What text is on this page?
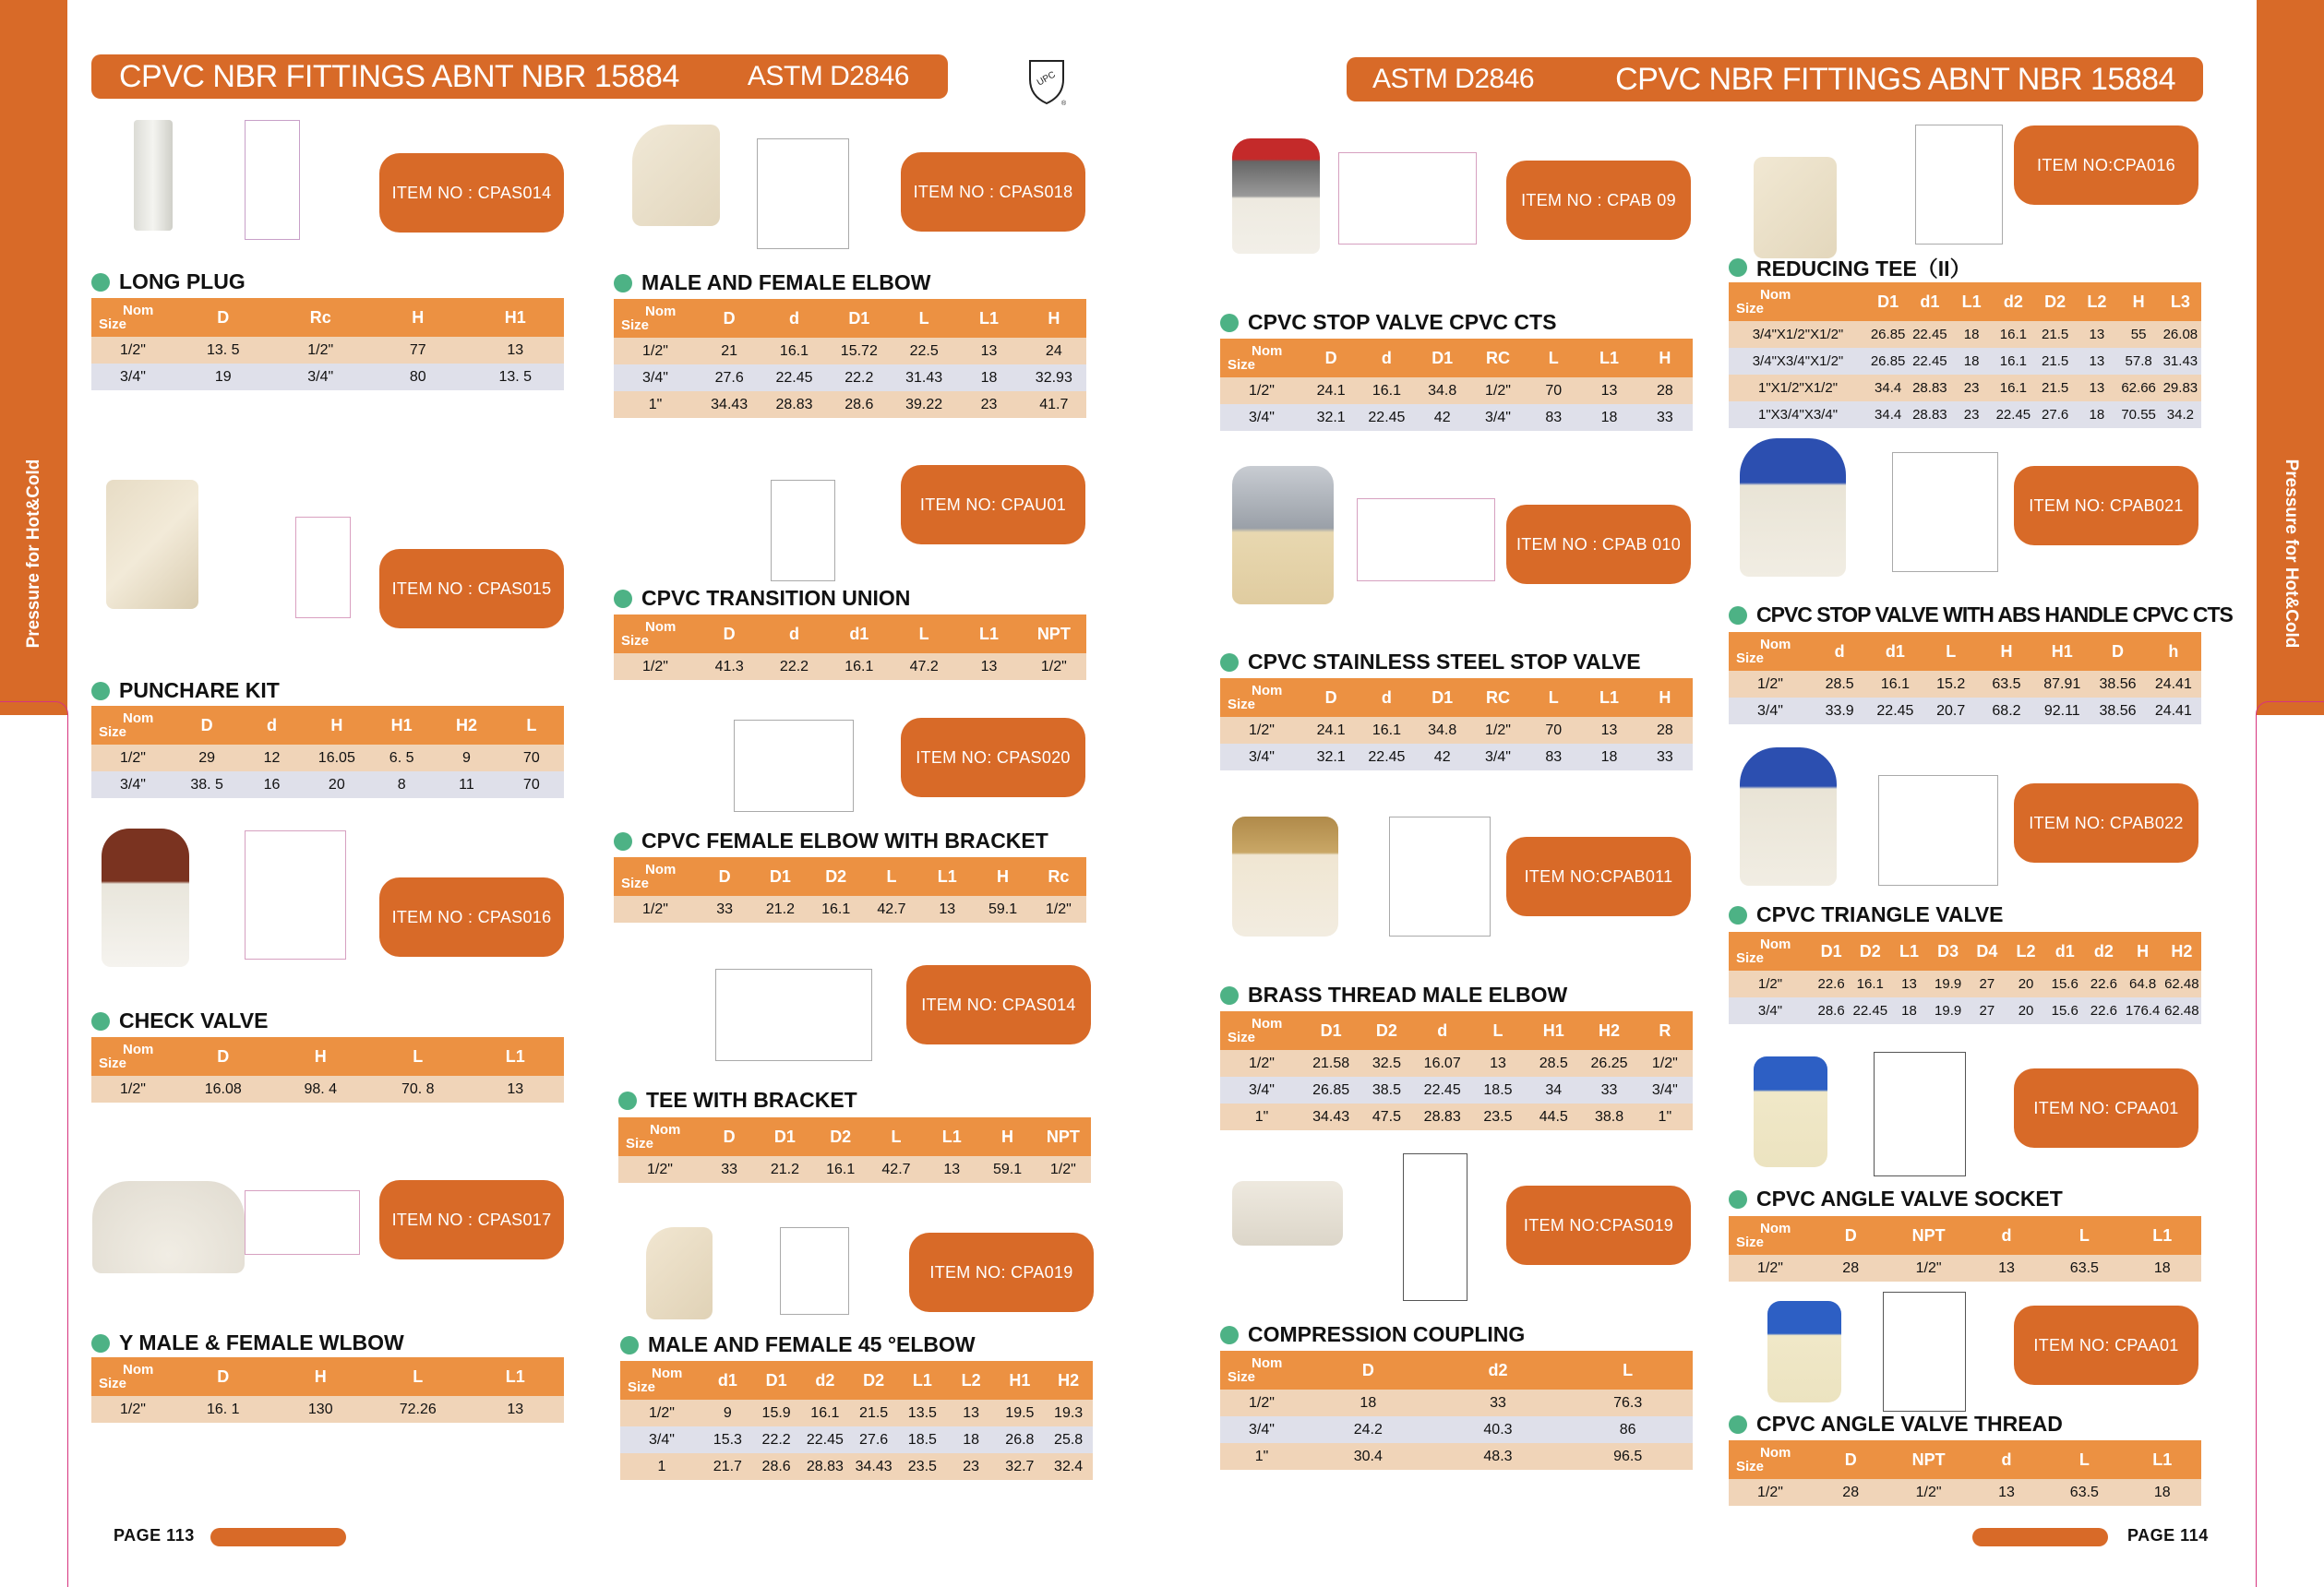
Pressure for Hot&Cold	Pressure for Hot&Cold
CPVC NBR FITTINGS ABNT NBR 15884 ASTM D2846	UPC
®
ASTM D2846	CPVC NBR FITTINGS ABNT NBR 15884
ITEM NO : CPAS014
ITEM NO : CPAS015
ITEM NO : CPAS016
ITEM NO : CPAS017
ITEM NO : CPAS018
ITEM NO: CPAU01
ITEM NO: CPAS020
ITEM NO: CPAS014
ITEM NO: CPA019
ITEM NO : CPAB 09
ITEM NO : CPAB 010
ITEM NO:CPAB011
ITEM NO:CPAS019
ITEM NO:CPA016
ITEM NO: CPAB021
ITEM NO: CPAB022
ITEM NO: CPAA01
ITEM NO: CPAA01
LONG PLUG
Nom
Size	D	Rc	H	H1
1/2"	13. 5	1/2"	77	13
3/4"	19	3/4"	80	13. 5
PUNCHARE KIT
Nom
Size	D	d	H	H1	H2	L
1/2"	29	12	16.05	6. 5	9	70
3/4"	38. 5	16	20	8	11	70
CHECK VALVE
Nom
Size	D	H	L	L1
1/2"	16.08	98. 4	70. 8	13
Y MALE & FEMALE WLBOW
Nom
Size	D	H	L	L1
1/2"	16. 1	130	72.26	13
MALE AND FEMALE ELBOW
Nom
Size	D	d	D1	L	L1	H
1/2"	21	16.1	15.72	22.5	13	24
3/4"	27.6	22.45	22.2	31.43	18	32.93
1"	34.43	28.83	28.6	39.22	23	41.7
CPVC TRANSITION UNION
Nom
Size	D	d	d1	L	L1	NPT
1/2"	41.3	22.2	16.1	47.2	13	1/2"
CPVC FEMALE ELBOW WITH BRACKET
Nom
Size	D	D1	D2	L	L1	H	Rc
1/2"	33	21.2	16.1	42.7	13	59.1	1/2"
TEE WITH BRACKET
Nom
Size	D	D1	D2	L	L1	H	NPT
1/2"	33	21.2	16.1	42.7	13	59.1	1/2"
MALE AND FEMALE 45 °ELBOW
Nom
Size	d1	D1	d2	D2	L1	L2	H1	H2
1/2"	9	15.9	16.1	21.5	13.5	13	19.5	19.3
3/4"	15.3	22.2	22.45	27.6	18.5	18	26.8	25.8
1	21.7	28.6	28.83	34.43	23.5	23	32.7	32.4
CPVC STOP VALVE CPVC CTS
Nom
Size	D	d	D1	RC	L	L1	H
1/2"	24.1	16.1	34.8	1/2"	70	13	28
3/4"	32.1	22.45	42	3/4"	83	18	33
CPVC STAINLESS STEEL STOP VALVE
Nom
Size	D	d	D1	RC	L	L1	H
1/2"	24.1	16.1	34.8	1/2"	70	13	28
3/4"	32.1	22.45	42	3/4"	83	18	33
BRASS THREAD MALE ELBOW
Nom
Size	D1	D2	d	L	H1	H2	R
1/2"	21.58	32.5	16.07	13	28.5	26.25	1/2"
3/4"	26.85	38.5	22.45	18.5	34	33	3/4"
1"	34.43	47.5	28.83	23.5	44.5	38.8	1"
COMPRESSION COUPLING
Nom
Size	D	d2	L
1/2"	18	33	76.3
3/4"	24.2	40.3	86
1"	30.4	48.3	96.5
REDUCING TEE（II）
Nom
Size	D1	d1	L1	d2	D2	L2	H	L3
3/4"X1/2"X1/2"	26.85	22.45	18	16.1	21.5	13	55	26.08
3/4"X3/4"X1/2"	26.85	22.45	18	16.1	21.5	13	57.8	31.43
1"X1/2"X1/2"	34.4	28.83	23	16.1	21.5	13	62.66	29.83
1"X3/4"X3/4"	34.4	28.83	23	22.45	27.6	18	70.55	34.2
CPVC STOP VALVE WITH ABS HANDLE CPVC CTS
Nom
Size	d	d1	L	H	H1	D	h
1/2"	28.5	16.1	15.2	63.5	87.91	38.56	24.41
3/4"	33.9	22.45	20.7	68.2	92.11	38.56	24.41
CPVC TRIANGLE VALVE
Nom
Size	D1	D2	L1	D3	D4	L2	d1	d2	H	H2
1/2"	22.6	16.1	13	19.9	27	20	15.6	22.6	64.8	62.48
3/4"	28.6	22.45	18	19.9	27	20	15.6	22.6	176.4	62.48
CPVC ANGLE VALVE SOCKET
Nom
Size	D	NPT	d	L	L1
1/2"	28	1/2"	13	63.5	18
CPVC ANGLE VALVE THREAD
Nom
Size	D	NPT	d	L	L1
1/2"	28	1/2"	13	63.5	18
PAGE 113	PAGE 114
